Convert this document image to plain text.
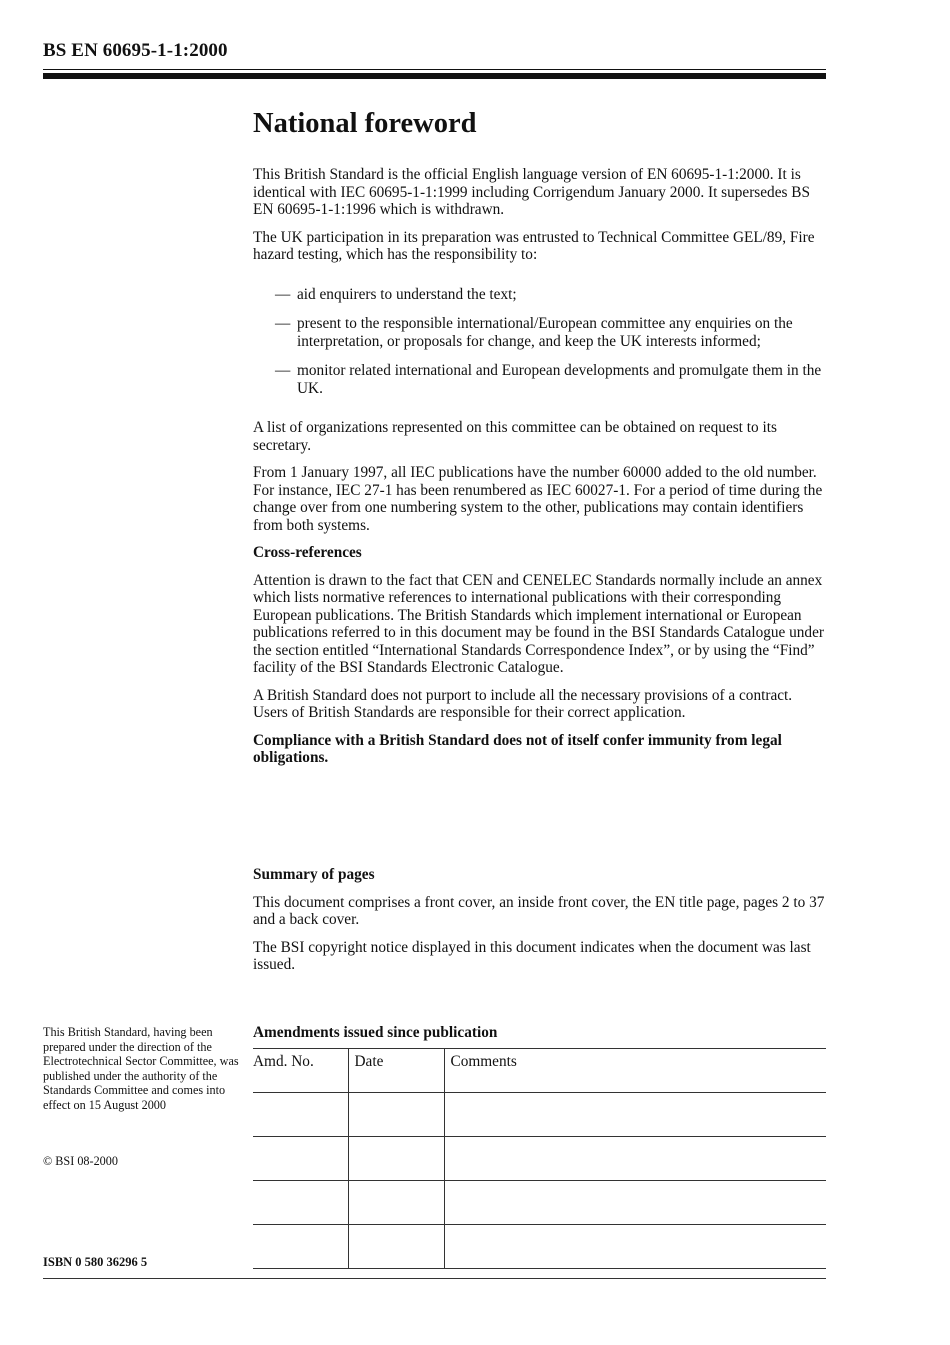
BS EN 60695-1-1:2000
National foreword

This British Standard is the official English language version of EN 60695-1-1:2000. It is identical with IEC 60695-1-1:1999 including Corrigendum January 2000. It supersedes BS EN 60695-1-1:1996 which is withdrawn.

The UK participation in its preparation was entrusted to Technical Committee GEL/89, Fire hazard testing, which has the responsibility to:

— aid enquirers to understand the text;
— present to the responsible international/European committee any enquiries on the interpretation, or proposals for change, and keep the UK interests informed;
— monitor related international and European developments and promulgate them in the UK.

A list of organizations represented on this committee can be obtained on request to its secretary.

From 1 January 1997, all IEC publications have the number 60000 added to the old number. For instance, IEC 27-1 has been renumbered as IEC 60027-1. For a period of time during the change over from one numbering system to the other, publications may contain identifiers from both systems.

Cross-references

Attention is drawn to the fact that CEN and CENELEC Standards normally include an annex which lists normative references to international publications with their corresponding European publications. The British Standards which implement international or European publications referred to in this document may be found in the BSI Standards Catalogue under the section entitled “International Standards Correspondence Index”, or by using the “Find” facility of the BSI Standards Electronic Catalogue.

A British Standard does not purport to include all the necessary provisions of a contract. Users of British Standards are responsible for their correct application.

Compliance with a British Standard does not of itself confer immunity from legal obligations.

Summary of pages

This document comprises a front cover, an inside front cover, the EN title page, pages 2 to 37 and a back cover.

The BSI copyright notice displayed in this document indicates when the document was last issued.

This British Standard, having been prepared under the direction of the Electrotechnical Sector Committee, was published under the authority of the Standards Committee and comes into effect on 15 August 2000
© BSI 08-2000
ISBN 0 580 36296 5
Amendments issued since publication
Amd. No.	Date	Comments
